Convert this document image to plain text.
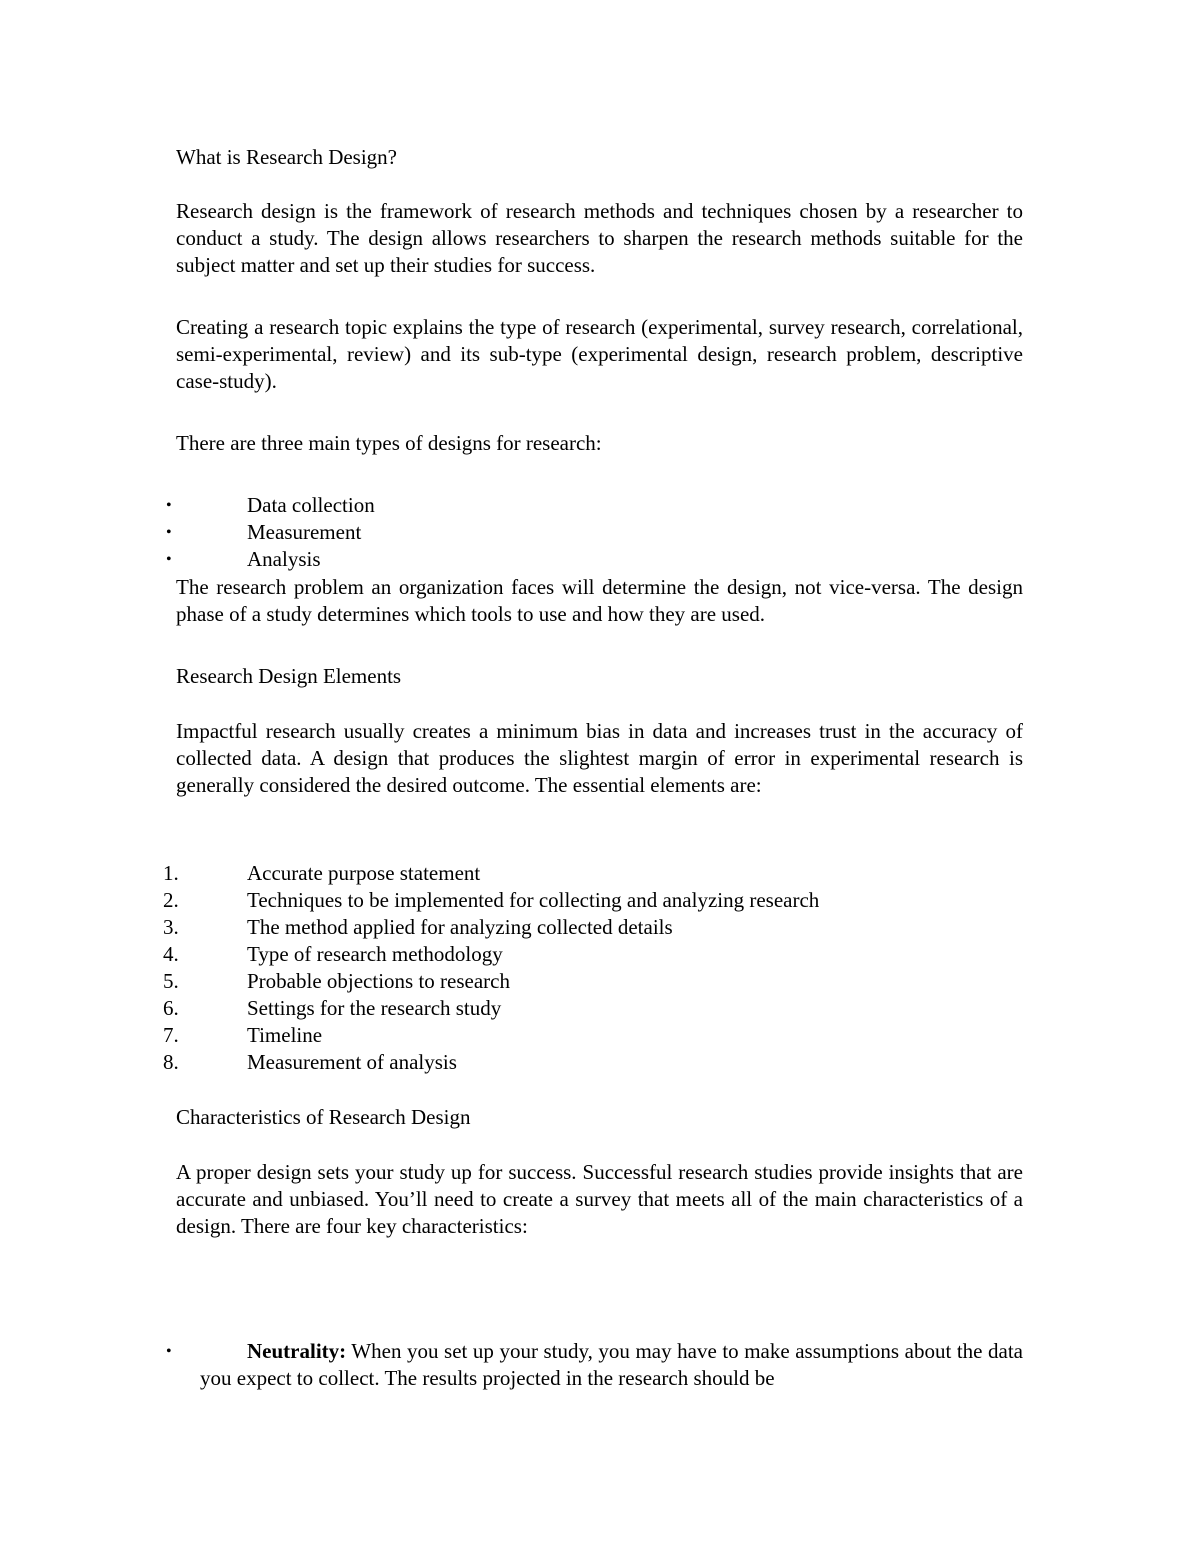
What is Research Design?

Research design is the framework of research methods and techniques chosen by a researcher to conduct a study. The design allows researchers to sharpen the research methods suitable for the subject matter and set up their studies for success.

Creating a research topic explains the type of research (experimental, survey research, correlational, semi-experimental, review) and its sub-type (experimental design, research problem, descriptive case-study).

There are three main types of designs for research:

•	Data collection
•	Measurement
•	Analysis

The research problem an organization faces will determine the design, not vice-versa. The design phase of a study determines which tools to use and how they are used.

Research Design Elements

Impactful research usually creates a minimum bias in data and increases trust in the accuracy of collected data. A design that produces the slightest margin of error in experimental research is generally considered the desired outcome. The essential elements are:

1.	Accurate purpose statement
2.	Techniques to be implemented for collecting and analyzing research
3.	The method applied for analyzing collected details
4.	Type of research methodology
5.	Probable objections to research
6.	Settings for the research study
7.	Timeline
8.	Measurement of analysis

Characteristics of Research Design

A proper design sets your study up for success. Successful research studies provide insights that are accurate and unbiased. You’ll need to create a survey that meets all of the main characteristics of a design. There are four key characteristics:

•	Neutrality: When you set up your study, you may have to make assumptions about the data you expect to collect. The results projected in the research should be
